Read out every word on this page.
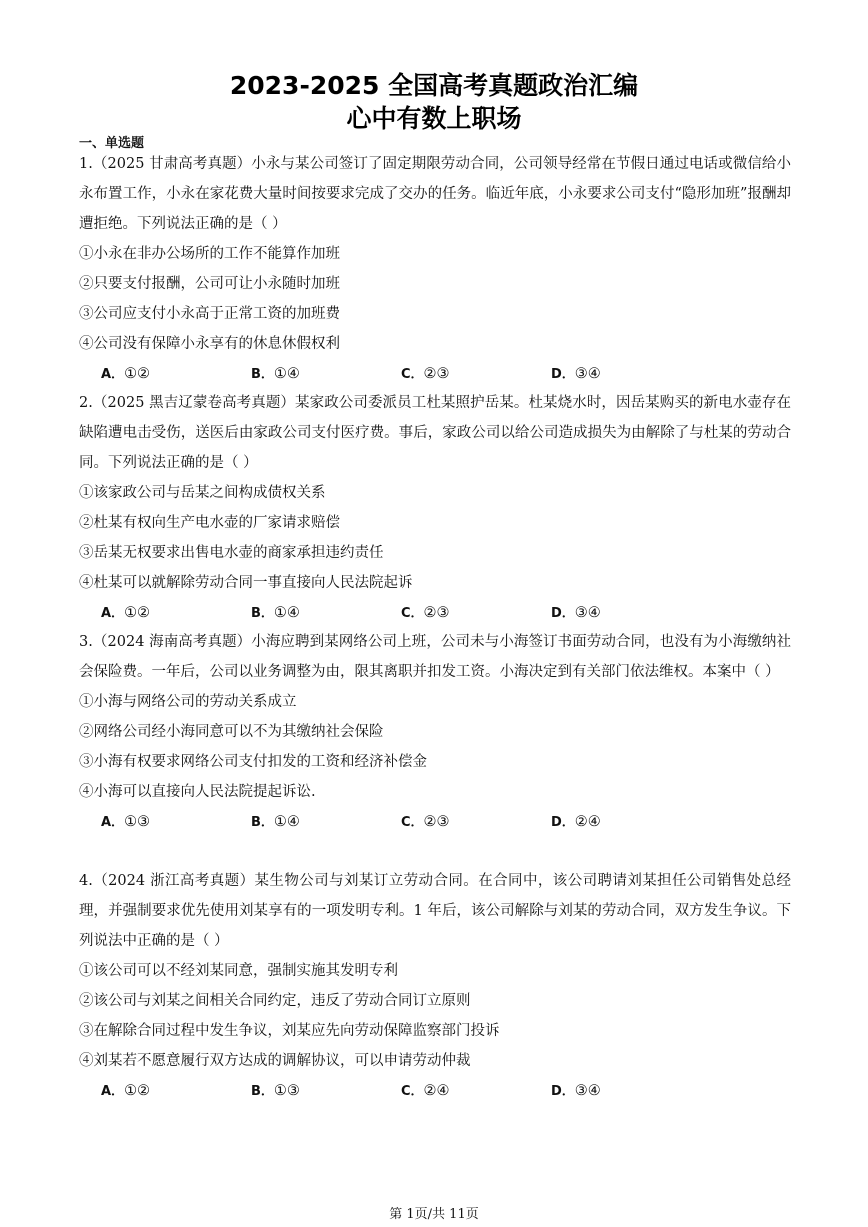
2023-2025 全国高考真题政治汇编
心中有数上职场
一、单选题

1.（2025 甘肃高考真题）小永与某公司签订了固定期限劳动合同，公司领导经常在节假日通过电话或微信给小永布置工作，小永在家花费大量时间按要求完成了交办的任务。临近年底，小永要求公司支付“隐形加班”报酬却遭拒绝。下列说法正确的是（ ）

①小永在非办公场所的工作不能算作加班

②只要支付报酬，公司可让小永随时加班

③公司应支付小永高于正常工资的加班费

④公司没有保障小永享有的休息休假权利

A．①②	B．①④	C．②③	D．③④

2.（2025 黑吉辽蒙卷高考真题）某家政公司委派员工杜某照护岳某。杜某烧水时，因岳某购买的新电水壶存在缺陷遭电击受伤，送医后由家政公司支付医疗费。事后，家政公司以给公司造成损失为由解除了与杜某的劳动合同。下列说法正确的是（ ）

①该家政公司与岳某之间构成债权关系

②杜某有权向生产电水壶的厂家请求赔偿

③岳某无权要求出售电水壶的商家承担违约责任

④杜某可以就解除劳动合同一事直接向人民法院起诉

A．①②	B．①④	C．②③	D．③④

3.（2024 海南高考真题）小海应聘到某网络公司上班，公司未与小海签订书面劳动合同，也没有为小海缴纳社会保险费。一年后，公司以业务调整为由，限其离职并扣发工资。小海决定到有关部门依法维权。本案中（ ）

①小海与网络公司的劳动关系成立

②网络公司经小海同意可以不为其缴纳社会保险

③小海有权要求网络公司支付扣发的工资和经济补偿金

④小海可以直接向人民法院提起诉讼.

A．①③	B．①④	C．②③	D．②④

4.（2024 浙江高考真题）某生物公司与刘某订立劳动合同。在合同中，该公司聘请刘某担任公司销售处总经理，并强制要求优先使用刘某享有的一项发明专利。1 年后，该公司解除与刘某的劳动合同，双方发生争议。下列说法中正确的是（ ）

①该公司可以不经刘某同意，强制实施其发明专利

②该公司与刘某之间相关合同约定，违反了劳动合同订立原则

③在解除合同过程中发生争议，刘某应先向劳动保障监察部门投诉

④刘某若不愿意履行双方达成的调解协议，可以申请劳动仲裁

A．①②	B．①③	C．②④	D．③④
第 1页/共 11页
